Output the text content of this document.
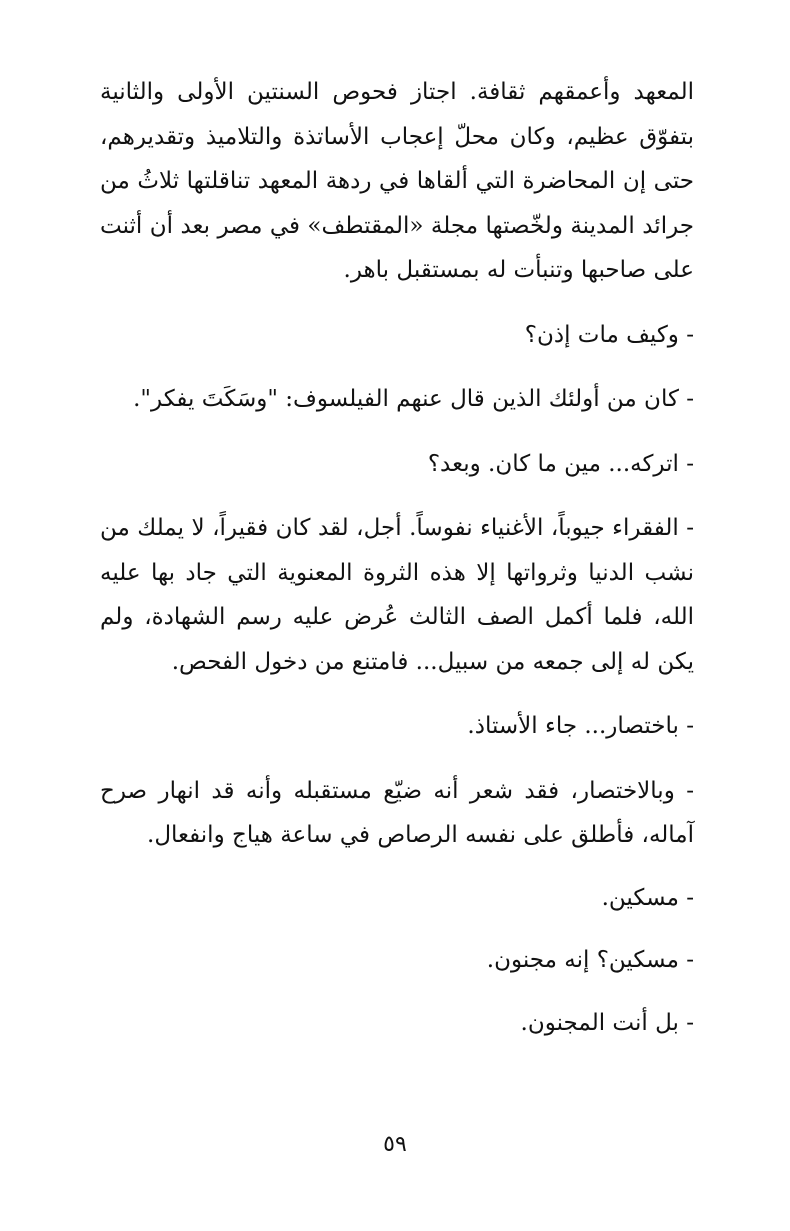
المعهد وأعمقهم ثقافة. اجتاز فحوص السنتين الأولى والثانية بتفوّق عظيم، وكان محلّ إعجاب الأساتذة والتلاميذ وتقديرهم، حتى إن المحاضرة التي ألقاها في ردهة المعهد تناقلتها ثلاثُ من جرائد المدينة ولخّصتها مجلة «المقتطف» في مصر بعد أن أثنت على صاحبها وتنبأت له بمستقبل باهر.

- وكيف مات إذن؟

- كان من أولئك الذين قال عنهم الفيلسوف: "وسَكَتَ يفكر".

- اتركه... مين ما كان. وبعد؟

- الفقراء جيوباً، الأغنياء نفوساً. أجل، لقد كان فقيراً، لا يملك من نشب الدنيا وثرواتها إلا هذه الثروة المعنوية التي جاد بها عليه الله، فلما أكمل الصف الثالث عُرض عليه رسم الشهادة، ولم يكن له إلى جمعه من سبيل... فامتنع من دخول الفحص.

- باختصار... جاء الأستاذ.

- وبالاختصار، فقد شعر أنه ضيّع مستقبله وأنه قد انهار صرح آماله، فأطلق على نفسه الرصاص في ساعة هياج وانفعال.

- مسكين.

- مسكين؟ إنه مجنون.

- بل أنت المجنون.

٥٩
